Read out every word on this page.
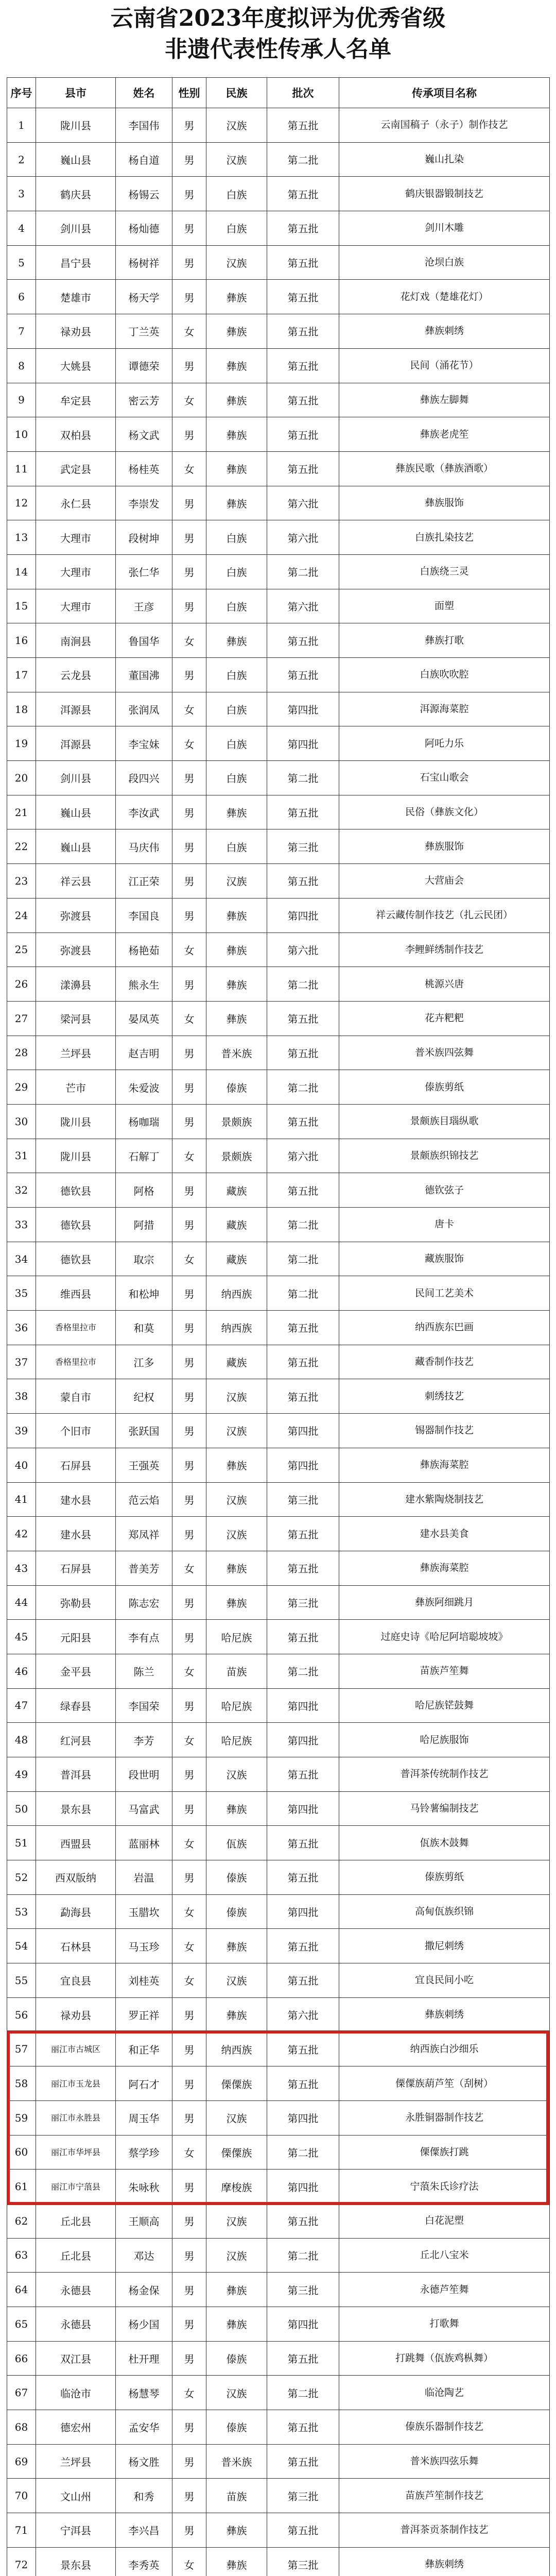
云南省2023年度拟评为优秀省级
非遗代表性传承人名单
序号	县市	姓名	性别	民族	批次	传承项目名称
1	陇川县	李国伟	男	汉族	第五批	云南国稿子（永子）制作技艺
2	巍山县	杨自道	男	汉族	第二批	巍山扎染
3	鹤庆县	杨锡云	男	白族	第五批	鹤庆银器锻制技艺
4	剑川县	杨灿德	男	白族	第五批	剑川木雕
5	昌宁县	杨树祥	男	汉族	第五批	沧坝白族
6	楚雄市	杨天学	男	彝族	第五批	花灯戏（楚雄花灯）
7	禄劝县	丁兰英	女	彝族	第五批	彝族刺绣
8	大姚县	谭德荣	男	彝族	第五批	民间（涌花节）
9	牟定县	密云芳	女	彝族	第五批	彝族左脚舞
10	双柏县	杨文武	男	彝族	第五批	彝族老虎笙
11	武定县	杨桂英	女	彝族	第五批	彝族民歌（彝族酒歌）
12	永仁县	李崇发	男	彝族	第六批	彝族服饰
13	大理市	段树坤	男	白族	第六批	白族扎染技艺
14	大理市	张仁华	男	白族	第二批	白族绕三灵
15	大理市	王彦	男	白族	第六批	面塑
16	南涧县	鲁国华	女	彝族	第五批	彝族打歌
17	云龙县	董国沸	男	白族	第五批	白族吹吹腔
18	洱源县	张润凤	女	白族	第四批	洱源海菜腔
19	洱源县	李宝妹	女	白族	第四批	阿吒力乐
20	剑川县	段四兴	男	白族	第二批	石宝山歌会
21	巍山县	李汝武	男	彝族	第五批	民俗（彝族文化）
22	巍山县	马庆伟	男	白族	第三批	彝族服饰
23	祥云县	江正荣	男	汉族	第五批	大营庙会
24	弥渡县	李国良	男	彝族	第四批	祥云藏传制作技艺（扎云民团）
25	弥渡县	杨艳茹	女	彝族	第六批	李鲤鲜绣制作技艺
26	漾濞县	熊永生	男	彝族	第二批	桃源兴唐
27	梁河县	晏凤英	女	彝族	第五批	花卉粑粑
28	兰坪县	赵吉明	男	普米族	第五批	普米族四弦舞
29	芒市	朱爱波	男	傣族	第二批	傣族剪纸
30	陇川县	杨咖瑞	男	景颇族	第五批	景颇族目瑙纵歌
31	陇川县	石解丁	女	景颇族	第六批	景颇族织锦技艺
32	德钦县	阿格	男	藏族	第五批	德钦弦子
33	德钦县	阿措	男	藏族	第二批	唐卡
34	德钦县	取宗	女	藏族	第二批	藏族服饰
35	维西县	和松坤	男	纳西族	第二批	民间工艺美术
36	香格里拉市	和莫	男	纳西族	第五批	纳西族东巴画
37	香格里拉市	江多	男	藏族	第五批	藏香制作技艺
38	蒙自市	纪权	男	汉族	第五批	刺绣技艺
39	个旧市	张跃国	男	汉族	第四批	锡器制作技艺
40	石屏县	王强英	男	彝族	第四批	彝族海菜腔
41	建水县	范云焰	男	汉族	第三批	建水紫陶烧制技艺
42	建水县	郑凤祥	男	汉族	第五批	建水县美食
43	石屏县	普美芳	女	彝族	第五批	彝族海菜腔
44	弥勒县	陈志宏	男	彝族	第三批	彝族阿细跳月
45	元阳县	李有点	男	哈尼族	第五批	过庭史诗《哈尼阿培聪坡坡》
46	金平县	陈兰	女	苗族	第二批	苗族芦笙舞
47	绿春县	李国荣	男	哈尼族	第四批	哈尼族铓鼓舞
48	红河县	李芳	女	哈尼族	第四批	哈尼族服饰
49	普洱县	段世明	男	汉族	第五批	普洱茶传统制作技艺
50	景东县	马富武	男	彝族	第四批	马铃薯编制技艺
51	西盟县	蓝丽林	女	佤族	第五批	佤族木鼓舞
52	西双版纳	岩温	男	傣族	第五批	傣族剪纸
53	勐海县	玉腊坎	女	傣族	第四批	高甸佤族织锦
54	石林县	马玉珍	女	彝族	第五批	撒尼刺绣
55	宜良县	刘桂英	女	汉族	第五批	宜良民间小吃
56	禄劝县	罗正祥	男	彝族	第六批	彝族刺绣
57	丽江市古城区	和正华	男	纳西族	第五批	纳西族白沙细乐
58	丽江市玉龙县	阿石才	男	傈僳族	第五批	傈僳族葫芦笙（刮树）
59	丽江市永胜县	周玉华	男	汉族	第四批	永胜铜器制作技艺
60	丽江市华坪县	蔡学珍	女	傈僳族	第二批	傈僳族打跳
61	丽江市宁蒗县	朱咏秋	男	摩梭族	第四批	宁蒗朱氏诊疗法
62	丘北县	王顺高	男	汉族	第五批	白花泥塑
63	丘北县	邓达	男	汉族	第二批	丘北八宝米
64	永德县	杨金保	男	彝族	第三批	永德芦笙舞
65	永德县	杨少国	男	彝族	第四批	打歌舞
66	双江县	杜开理	男	傣族	第五批	打跳舞（佤族鸡枞舞）
67	临沧市	杨慧琴	女	汉族	第二批	临沧陶艺
68	德宏州	孟安华	男	傣族	第五批	傣族乐器制作技艺
69	兰坪县	杨文胜	男	普米族	第五批	普米族四弦乐舞
70	文山州	和秀	男	苗族	第三批	苗族芦笙制作技艺
71	宁洱县	李兴昌	男	彝族	第五批	普洱茶贡茶制作技艺
72	景东县	李秀英	女	彝族	第三批	彝族刺绣
